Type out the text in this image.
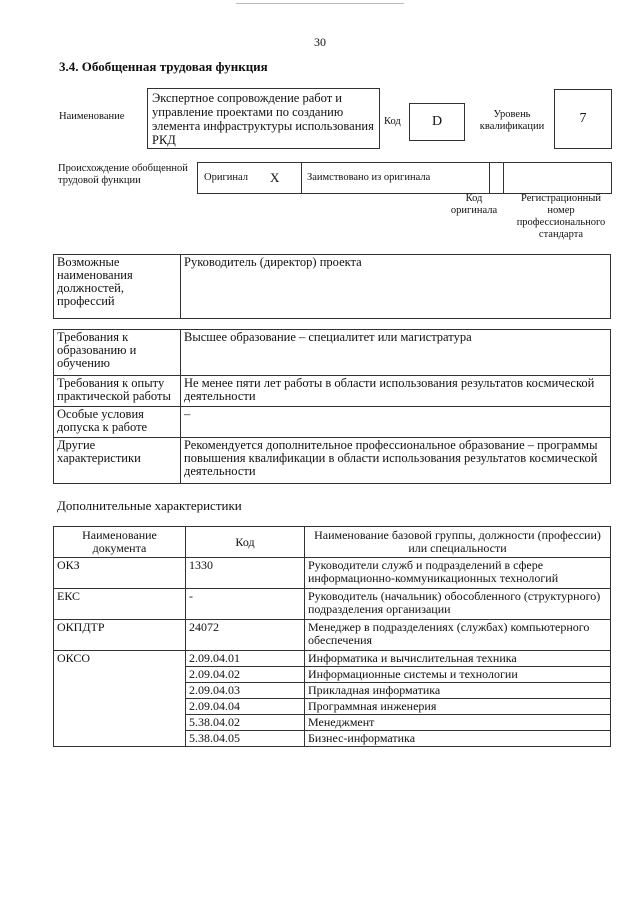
30
3.4. Обобщенная трудовая функция
Наименование
Экспертное сопровождение работ и управление проектами по созданию элемента инфраструктуры использования РКД
Код	D	Уровень квалификации
7
Происхождение обобщенной трудовой функции	Оригинал	X	Заимствовано из оригинала
Код оригинала
Регистрационный номер профессионального стандарта
Возможные наименования должностей, профессий	Руководитель (директор) проекта
Требования к образованию и обучению	Высшее образование – специалитет или магистратура
Требования к опыту практической работы	Не менее пяти лет работы в области использования результатов космической деятельности
Особые условия допуска к работе	–
Другие характеристики	Рекомендуется дополнительное профессиональное образование – программы повышения квалификации в области использования результатов космической деятельности
Дополнительные характеристики
Наименование документа	Код	Наименование базовой группы, должности (профессии) или специальности
ОКЗ	1330	Руководители служб и подразделений в сфере информационно-коммуникационных технологий
ЕКС	-	Руководитель (начальник) обособленного (структурного) подразделения организации
ОКПДТР	24072	Менеджер в подразделениях (службах) компьютерного обеспечения
ОКСО	2.09.04.01	Информатика и вычислительная техника
	2.09.04.02	Информационные системы и технологии
	2.09.04.03	Прикладная информатика
	2.09.04.04	Программная инженерия
	5.38.04.02	Менеджмент
	5.38.04.05	Бизнес-информатика
